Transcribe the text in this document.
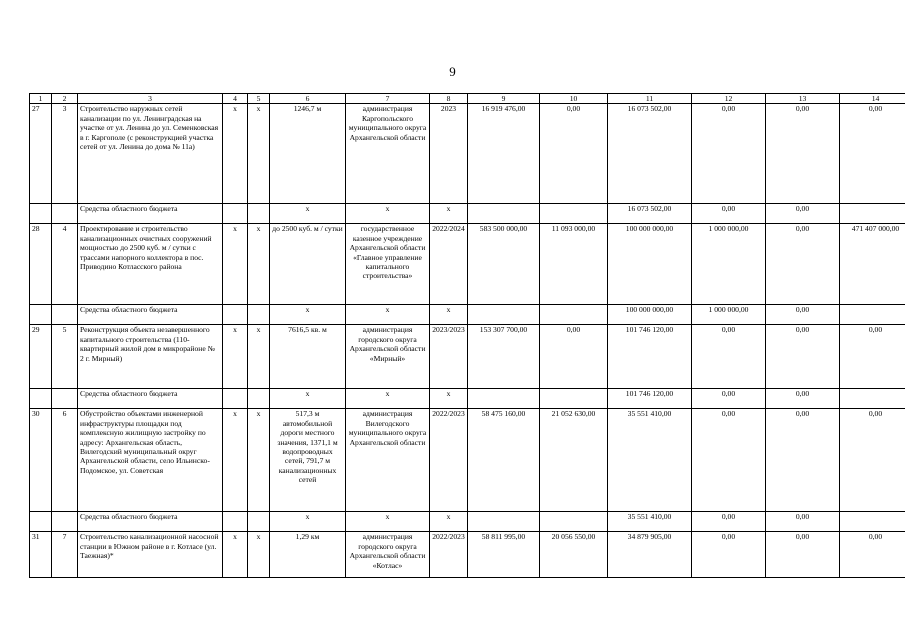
9
1	2	3	4	5	6	7	8	9	10	11	12	13	14
27	3	Строительство наружных сетей канализации по ул. Ленинградская на участке от ул. Ленина до ул. Семенковская в г. Каргополе (с реконструкцией участка сетей от ул. Ленина до дома № 11а)	х	х	1246,7 м	администрация Каргопольского муниципального округа Архангельской области	2023	16 919 476,00	0,00	16 073 502,00	0,00	0,00	0,00
		Средства областного бюджета			х	х	х			16 073 502,00	0,00	0,00	
28	4	Проектирование и строительство канализационных очистных сооружений мощностью до 2500 куб. м / сутки с трассами напорного коллектора в пос. Приводино Котласского района	х	х	до 2500 куб. м / сутки	государственное казенное учреждение Архангельской области «Главное управление капитального строительства»	2022/2024	583 500 000,00	11 093 000,00	100 000 000,00	1 000 000,00	0,00	471 407 000,00
		Средства областного бюджета			х	х	х			100 000 000,00	1 000 000,00	0,00	
29	5	Реконструкция объекта незавершенного капитального строительства (110-квартирный жилой дом в микрорайоне № 2 г. Мирный)	х	х	7616,5 кв. м	администрация городского округа Архангельской области «Мирный»	2023/2023	153 307 700,00	0,00	101 746 120,00	0,00	0,00	0,00
		Средства областного бюджета			х	х	х			101 746 120,00	0,00	0,00	
30	6	Обустройство объектами инженерной инфраструктуры площадки под комплексную жилищную застройку по адресу: Архангельская область, Вилегодский муниципальный округ Архангельской области, село Ильинско-Подомское, ул. Советская	х	х	517,3 м автомобильной дороги местного значения, 1371,1 м водопроводных сетей, 791,7 м канализационных сетей	администрация Вилегодского муниципального округа Архангельской области	2022/2023	58 475 160,00	21 052 630,00	35 551 410,00	0,00	0,00	0,00
		Средства областного бюджета			х	х	х			35 551 410,00	0,00	0,00	
31	7	Строительство канализационной насосной станции в Южном районе в г. Котласе (ул. Таежная)*	х	х	1,29 км	администрация городского округа Архангельской области «Котлас»	2022/2023	58 811 995,00	20 056 550,00	34 879 905,00	0,00	0,00	0,00
